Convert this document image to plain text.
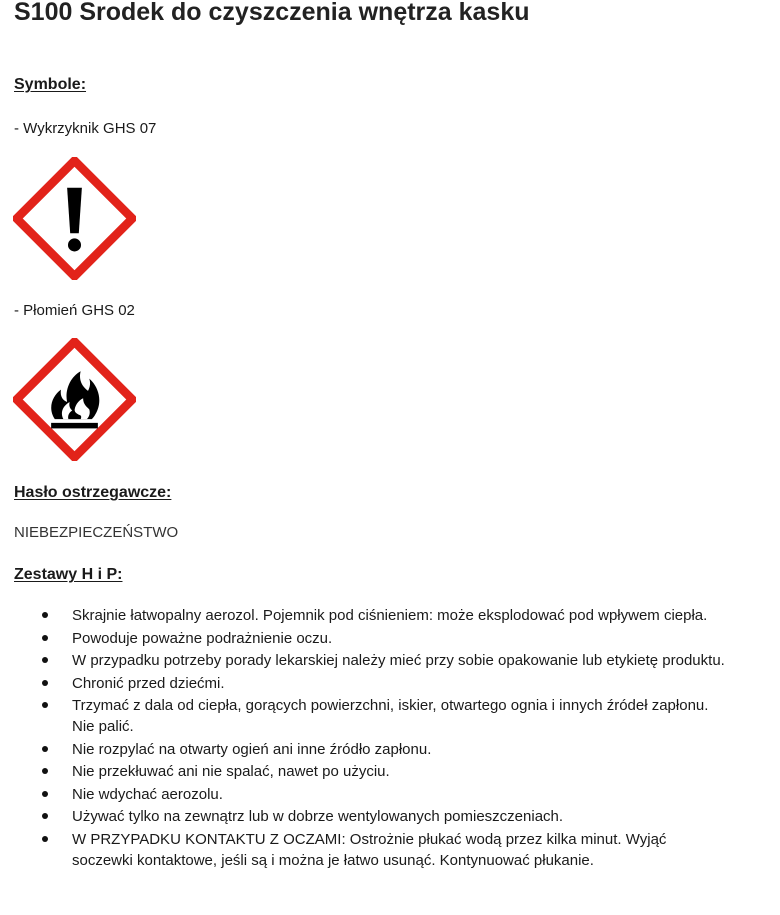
S100 Srodek do czyszczenia wnętrza kasku
Symbole:
- Wykrzyknik GHS 07
- Płomień GHS 02
Hasło ostrzegawcze:
NIEBEZPIECZEŃSTWO
Zestawy H i P:
Skrajnie łatwopalny aerozol. Pojemnik pod ciśnieniem: może eksplodować pod wpływem ciepła.
Powoduje poważne podrażnienie oczu.
W przypadku potrzeby porady lekarskiej należy mieć przy sobie opakowanie lub etykietę produktu.
Chronić przed dziećmi.
Trzymać z dala od ciepła, gorących powierzchni, iskier, otwartego ognia i innych źródeł zapłonu. Nie palić.
Nie rozpylać na otwarty ogień ani inne źródło zapłonu.
Nie przekłuwać ani nie spalać, nawet po użyciu.
Nie wdychać aerozolu.
Używać tylko na zewnątrz lub w dobrze wentylowanych pomieszczeniach.
W PRZYPADKU KONTAKTU Z OCZAMI: Ostrożnie płukać wodą przez kilka minut. Wyjąć soczewki kontaktowe, jeśli są i można je łatwo usunąć. Kontynuować płukanie.
